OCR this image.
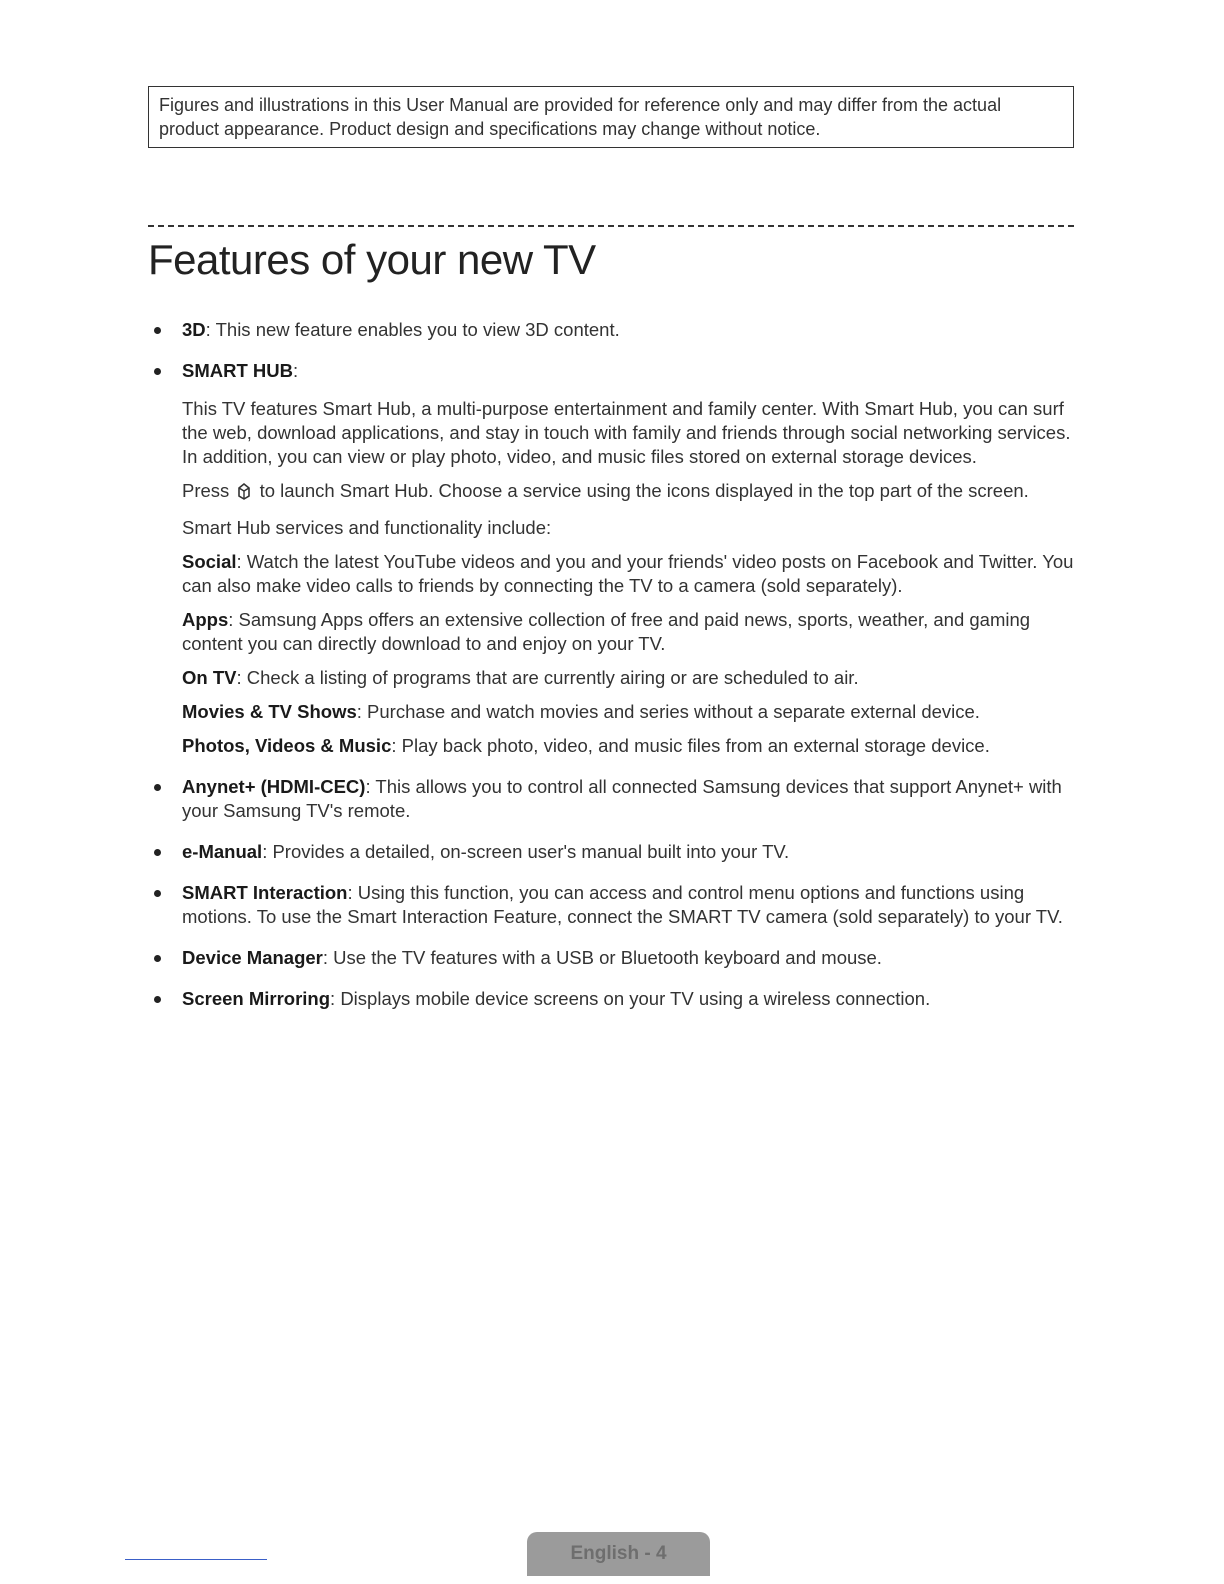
Figures and illustrations in this User Manual are provided for reference only and may differ from the actual

product appearance. Product design and specifications may change without notice.

Features of your new TV
3D: This new feature enables you to view 3D content.
SMART HUB:

This TV features Smart Hub, a multi-purpose entertainment and family center. With Smart Hub, you can surf the web, download applications, and stay in touch with family and friends through social networking services. In addition, you can view or play photo, video, and music files stored on external storage devices.

Press  to launch Smart Hub. Choose a service using the icons displayed in the top part of the screen.

Smart Hub services and functionality include:

Social: Watch the latest YouTube videos and you and your friends' video posts on Facebook and Twitter. You can also make video calls to friends by connecting the TV to a camera (sold separately).

Apps: Samsung Apps offers an extensive collection of free and paid news, sports, weather, and gaming content you can directly download to and enjoy on your TV.

On TV: Check a listing of programs that are currently airing or are scheduled to air.

Movies & TV Shows: Purchase and watch movies and series without a separate external device.

Photos, Videos & Music: Play back photo, video, and music files from an external storage device.

Anynet+ (HDMI-CEC): This allows you to control all connected Samsung devices that support Anynet+ with your Samsung TV's remote.
e-Manual: Provides a detailed, on-screen user's manual built into your TV.
SMART Interaction: Using this function, you can access and control menu options and functions using motions. To use the Smart Interaction Feature, connect the SMART TV camera (sold separately) to your TV.
Device Manager: Use the TV features with a USB or Bluetooth keyboard and mouse.
Screen Mirroring: Displays mobile device screens on your TV using a wireless connection.
English - 4
